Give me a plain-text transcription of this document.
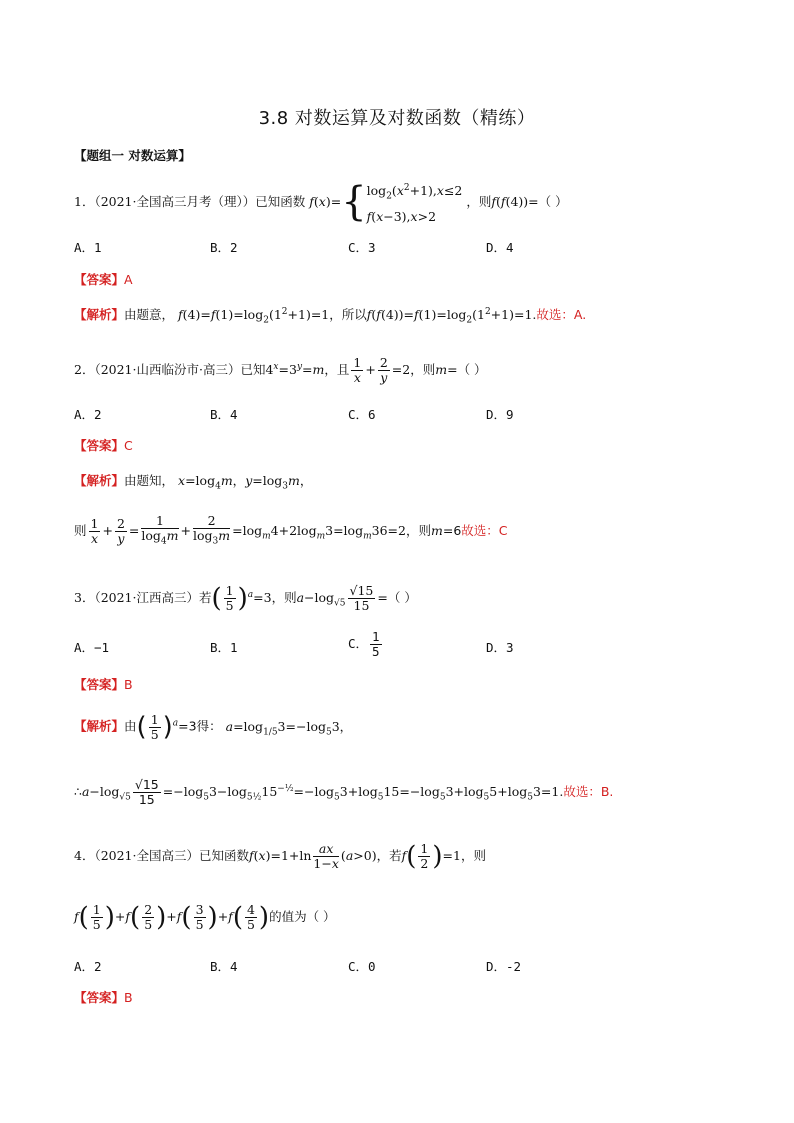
3.8 对数运算及对数函数（精练）
【题组一 对数运算】
1．（2021·全国高三月考（理））已知函数 f(x)={ $\log_2(x^2+1),x\le 2$
f(x−3),x>2
，则f(f(4))=（ ）
A．1	B．2	C．3	D．4
【答案】A
【解析】由题意， $f(4)=f(1)=\log_2(1^2+1)=1$，所以$f(f(4))=f(1)=\log_2(1^2+1)=1$.故选：A.
2．（2021·山西临汾市·高三）已知$4^x=3^y=m$，且 $\frac{1}{x} + \frac{2}{y} =2$，则m=（ ）
A．2	B．4	C．6	D．9
【答案】C
【解析】由题知， $x=\log_4m$，$y=\log_3m$，
则 $\frac{1}{x} + \frac{2}{y} = \frac{1}{\log_4m} + \frac{2}{\log_3m} =\log_m4+2\log_m3=\log_m36=2$，则m=6故选：C
3．（2021·江西高三）若( $\frac{1}{5} )^a=3$，则$a-\log_{√5} \frac{√15}{15}$ =（ ）
A．−1	B．1	C． $\frac{1}{5}$	D．3
【答案】B
【解析】由( $\frac{1}{5} )^a=3$得： $a=\log_{1/5}3=-\log_53$，
$\therefore a-\log_{√5} \frac{√15}{15} =-\log_53-\log_{5\frac{1}{2}}15^{-\frac{1}{2}}=-\log_53+\log_515=-\log_53+\log_55+\log_53=1$.故选：B.
4．（2021·全国高三）已知函数$f(x)=1+\ln \frac{ax}{1-x} (a>0)$，若$f( \frac{1}{2} )=1$，则
$f( \frac{1}{5} )+f( \frac{2}{5} )+f( \frac{3}{5} )+f( \frac{4}{5}$ )的值为（ ）
A．2	B．4	C．0	D．-2
【答案】B
